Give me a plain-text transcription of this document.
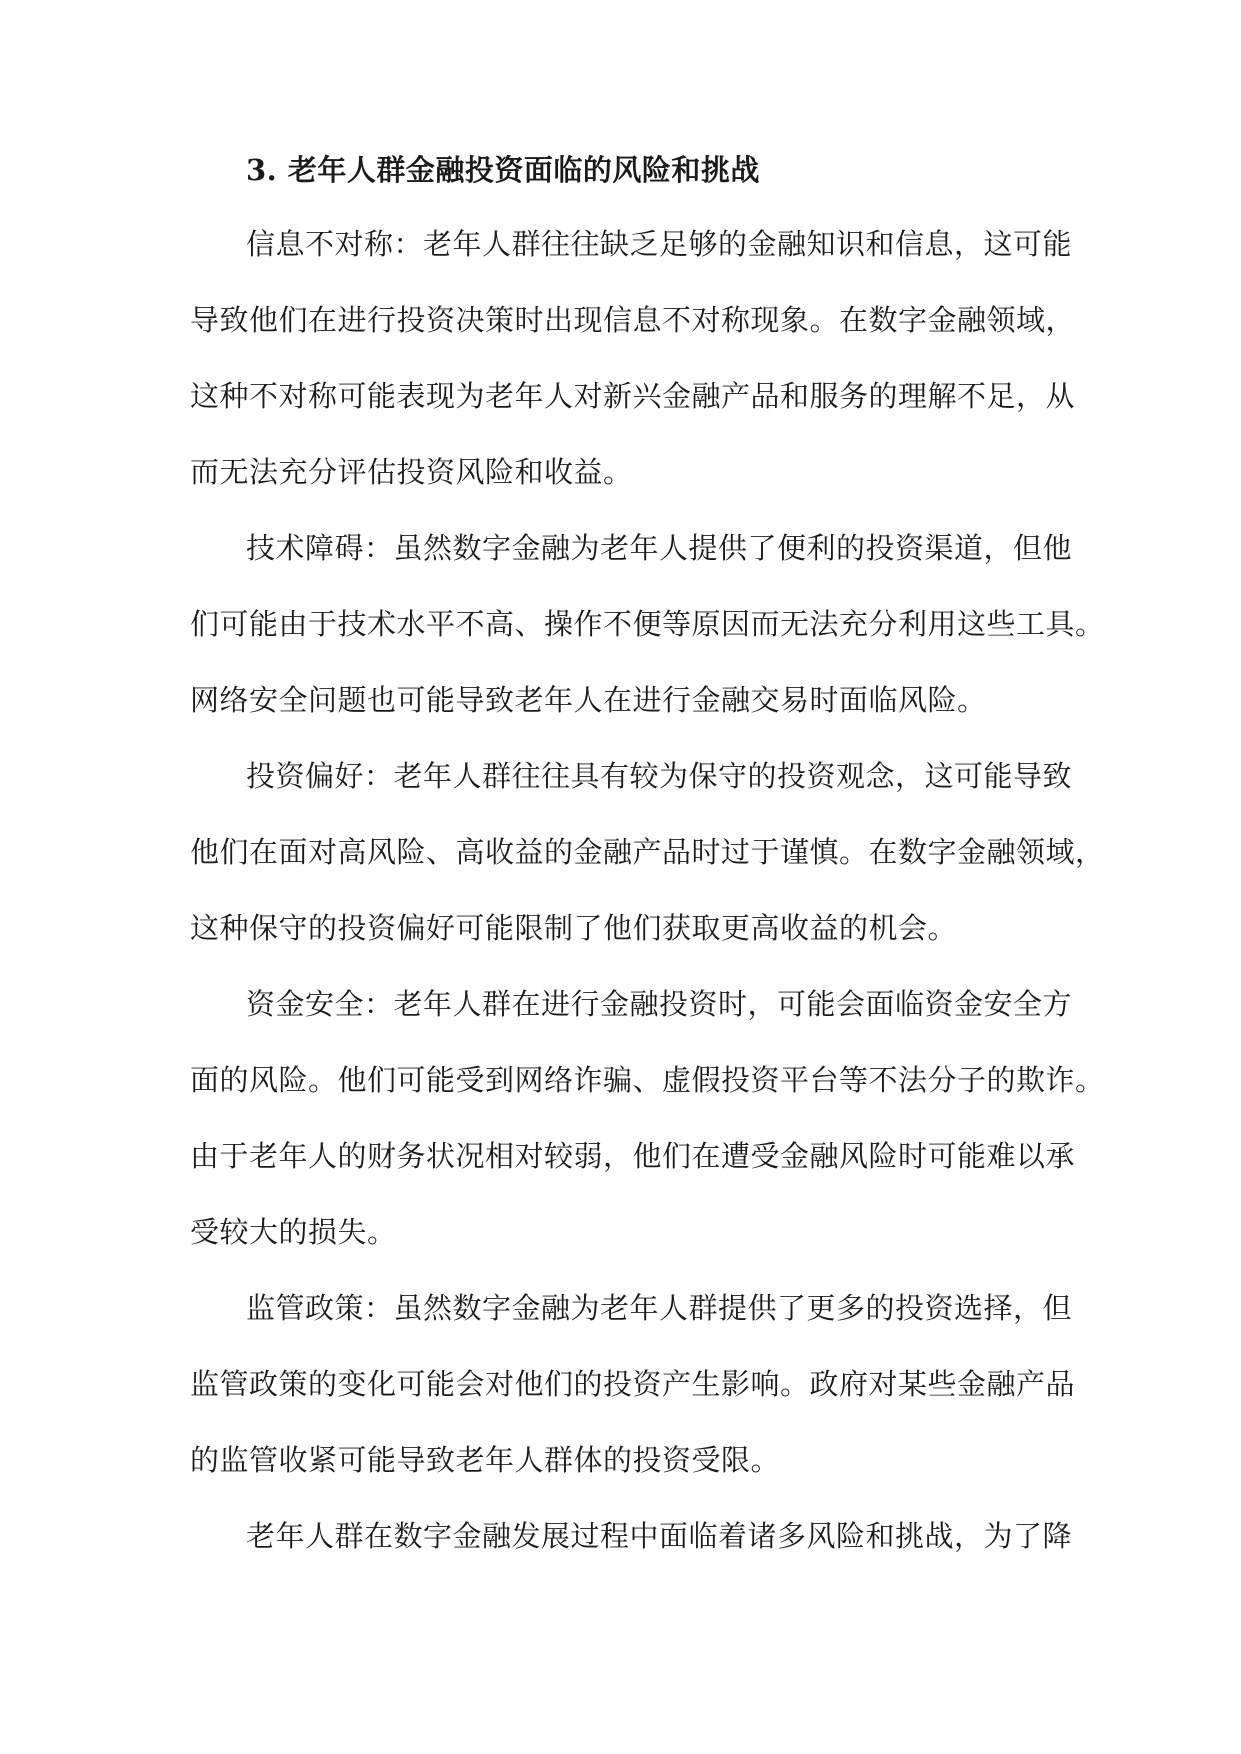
3. 老年人群金融投资面临的风险和挑战

信息不对称：老年人群往往缺乏足够的金融知识和信息，这可能
导致他们在进行投资决策时出现信息不对称现象。在数字金融领域，
这种不对称可能表现为老年人对新兴金融产品和服务的理解不足，从
而无法充分评估投资风险和收益。

技术障碍：虽然数字金融为老年人提供了便利的投资渠道，但他
们可能由于技术水平不高、操作不便等原因而无法充分利用这些工具。
网络安全问题也可能导致老年人在进行金融交易时面临风险。

投资偏好：老年人群往往具有较为保守的投资观念，这可能导致
他们在面对高风险、高收益的金融产品时过于谨慎。在数字金融领域，
这种保守的投资偏好可能限制了他们获取更高收益的机会。

资金安全：老年人群在进行金融投资时，可能会面临资金安全方
面的风险。他们可能受到网络诈骗、虚假投资平台等不法分子的欺诈。
由于老年人的财务状况相对较弱，他们在遭受金融风险时可能难以承
受较大的损失。

监管政策：虽然数字金融为老年人群提供了更多的投资选择，但
监管政策的变化可能会对他们的投资产生影响。政府对某些金融产品
的监管收紧可能导致老年人群体的投资受限。

老年人群在数字金融发展过程中面临着诸多风险和挑战，为了降
